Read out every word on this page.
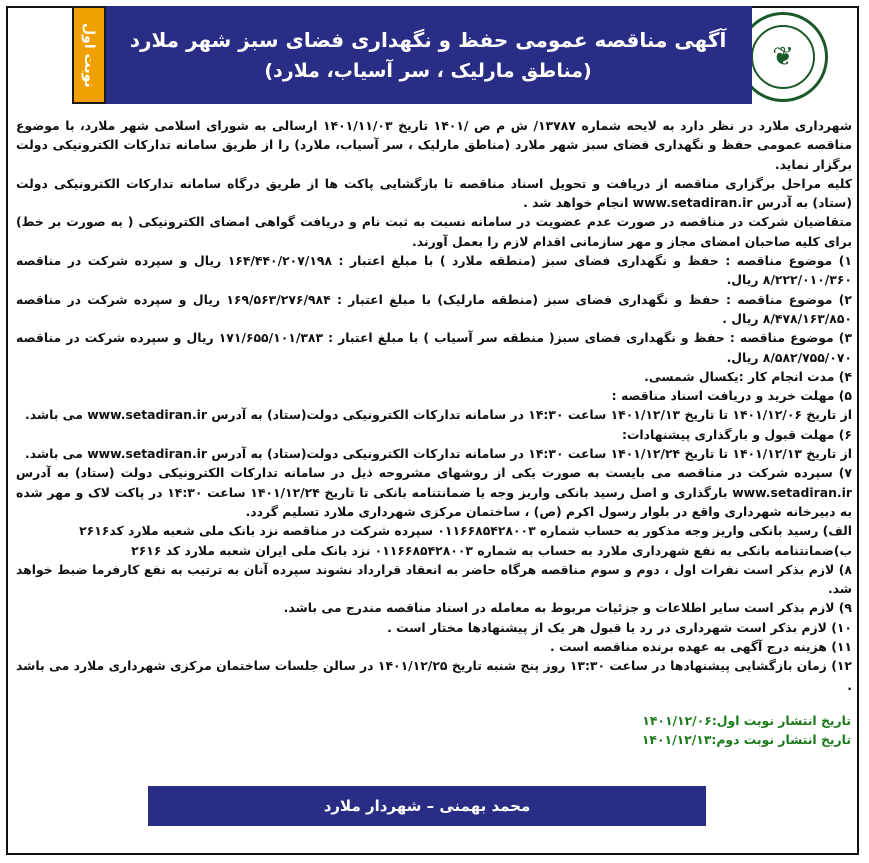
❦
آگهی مناقصه عمومی حفظ و نگهداری فضای سبز شهر ملارد
(مناطق مارلیک ، سر آسیاب، ملارد)
نوبت اول

شهرداری ملارد در نظر دارد به لایحه شماره ۱۳۷۸۷/ ش م ص /۱۴۰۱ تاریخ ۱۴۰۱/۱۱/۰۳ ارسالی به شورای اسلامی شهر ملارد، با موضوع مناقصه عمومی حفظ و نگهداری فضای سبز شهر ملارد (مناطق مارلیک ، سر آسیاب، ملارد) را از طریق سامانه تدارکات الکترونیکی دولت برگزار نماید.

کلیه مراحل برگزاری مناقصه از دریافت و تحویل اسناد مناقصه تا بازگشایی پاکت ها از طریق درگاه سامانه تدارکات الکترونیکی دولت (ستاد) به آدرس www.setadiran.ir انجام خواهد شد .

متقاضیان شرکت در مناقصه در صورت عدم عضویت در سامانه نسبت به ثبت نام و دریافت گواهی امضای الکترونیکی ( به صورت بر خط) برای کلیه صاحبان امضای مجاز و مهر سازمانی اقدام لازم را بعمل آورند.

۱) موضوع مناقصه : حفظ و نگهداری فضای سبز (منطقه ملارد ) با مبلغ اعتبار : ۱۶۴/۴۴۰/۲۰۷/۱۹۸ ریال و سپرده شرکت در مناقصه ۸/۲۲۲/۰۱۰/۳۶۰ ریال.

۲) موضوع مناقصه : حفظ و نگهداری فضای سبز (منطقه مارلیک) با مبلغ اعتبار : ۱۶۹/۵۶۳/۲۷۶/۹۸۴ ریال و سپرده شرکت در مناقصه ۸/۴۷۸/۱۶۳/۸۵۰ ریال .

۳) موضوع مناقصه : حفظ و نگهداری فضای سبز( منطقه سر آسیاب ) با مبلغ اعتبار : ۱۷۱/۶۵۵/۱۰۱/۳۸۳ ریال و سپرده شرکت در مناقصه ۸/۵۸۲/۷۵۵/۰۷۰ ریال.

۴) مدت انجام کار :یکسال شمسی.

۵) مهلت خرید و دریافت اسناد مناقصه :

از تاریخ ۱۴۰۱/۱۲/۰۶ تا تاریخ ۱۴۰۱/۱۲/۱۳ ساعت ۱۴:۳۰ در سامانه تدارکات الکترونیکی دولت(ستاد) به آدرس www.setadiran.ir می باشد.

۶) مهلت قبول و بارگذاری پیشنهادات:

از تاریخ ۱۴۰۱/۱۲/۱۳ تا تاریخ ۱۴۰۱/۱۲/۲۴ ساعت ۱۴:۳۰ در سامانه تدارکات الکترونیکی دولت(ستاد) به آدرس www.setadiran.ir می باشد.

۷) سپرده شرکت در مناقصه می بایست به صورت یکی از روشهای مشروحه ذیل در سامانه تدارکات الکترونیکی دولت (ستاد) به آدرس www.setadiran.ir بارگذاری و اصل رسید بانکی واریز وجه یا ضمانتنامه بانکی تا تاریخ ۱۴۰۱/۱۲/۲۴ ساعت ۱۴:۳۰ در پاکت لاک و مهر شده به دبیرخانه شهرداری واقع در بلوار رسول اکرم (ص) ، ساختمان مرکزی شهرداری ملارد تسلیم گردد.

الف) رسید بانکی واریز وجه مذکور به حساب شماره ۰۱۱۶۶۸۵۴۲۸۰۰۳ سپرده شرکت در مناقصه نزد بانک ملی شعبه ملارد کد۲۶۱۶

ب)ضمانتنامه بانکی به نفع شهرداری ملارد به حساب به شماره ۰۱۱۶۶۸۵۴۲۸۰۰۳ نزد بانک ملی ایران شعبه ملارد کد ۲۶۱۶

۸) لازم بذکر است نفرات اول ، دوم و سوم مناقصه هرگاه حاضر به انعقاد قرارداد نشوند سپرده آنان به ترتیب به نفع کارفرما ضبط خواهد شد.

۹) لازم بذکر است سایر اطلاعات و جزئیات مربوط به معامله در اسناد مناقصه مندرج می باشد.

۱۰) لازم بذکر است شهرداری در رد یا قبول هر یک از پیشنهادها مختار است .

۱۱) هزینه درج آگهی به عهده برنده مناقصه است .

۱۲) زمان بازگشایی پیشنهادها در ساعت ۱۳:۳۰ روز پنج شنبه تاریخ ۱۴۰۱/۱۲/۲۵ در سالن جلسات ساختمان مرکزی شهرداری ملارد می باشد .

تاریخ انتشار نوبت اول:۱۴۰۱/۱۲/۰۶
تاریخ انتشار نوبت دوم:۱۴۰۱/۱۲/۱۳
محمد بهمنی – شهردار ملارد
